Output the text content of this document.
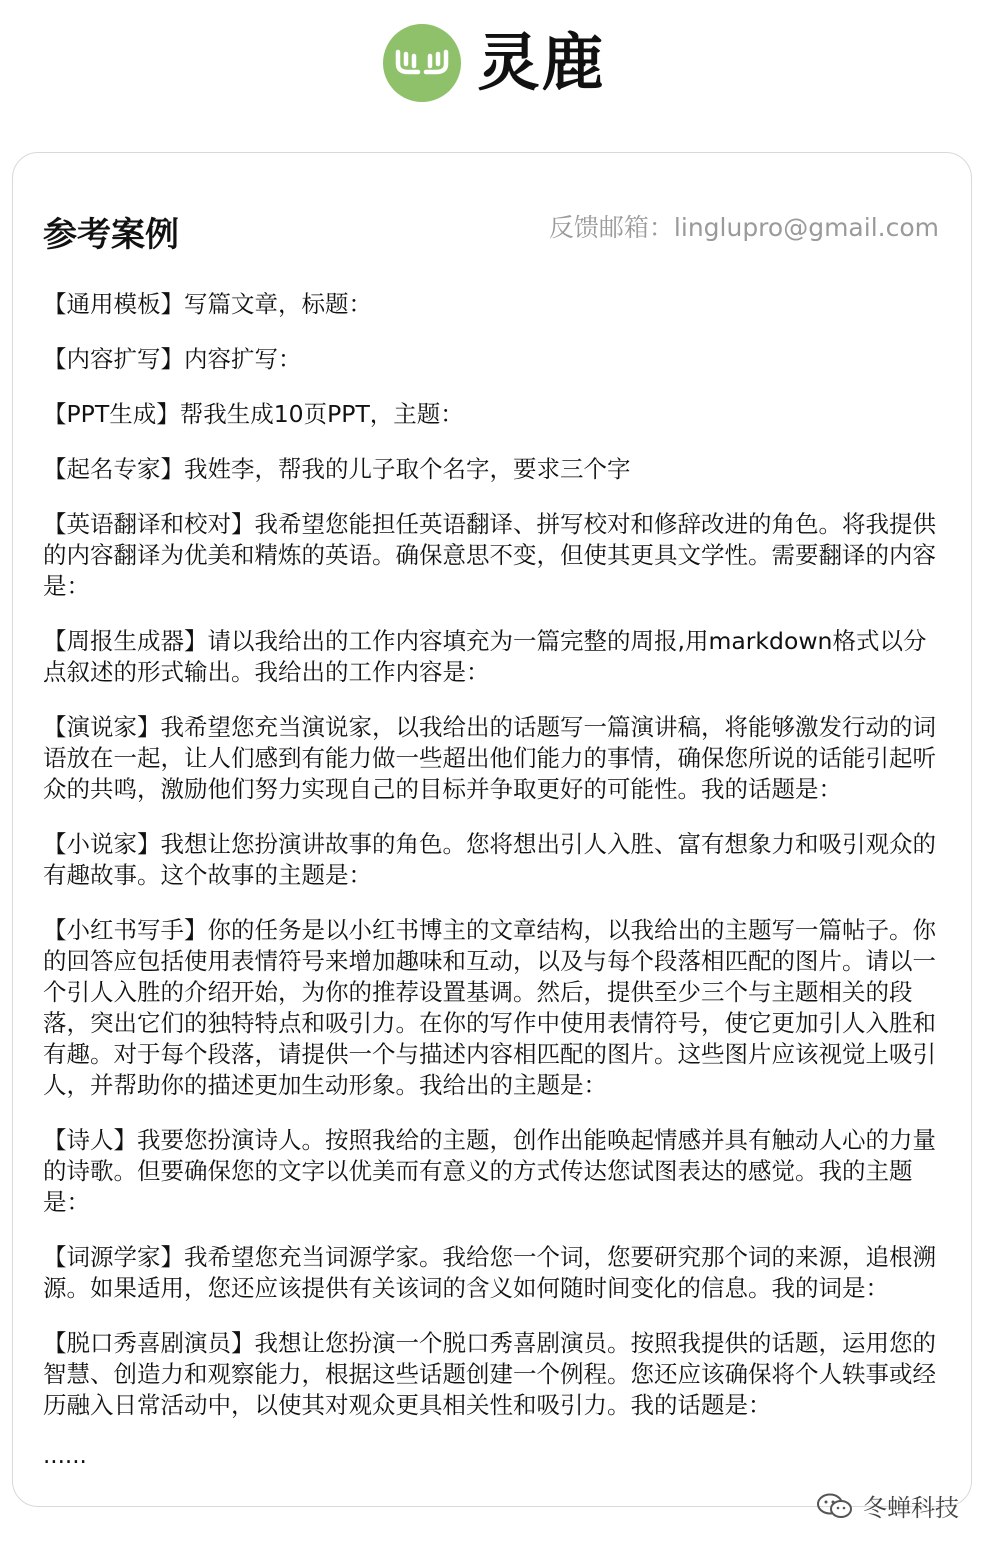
灵鹿
参考案例	反馈邮箱：linglupro@gmail.com

【通用模板】写篇文章，标题：

【内容扩写】内容扩写：

【PPT生成】帮我生成10页PPT，主题：

【起名专家】我姓李，帮我的儿子取个名字，要求三个字

【英语翻译和校对】我希望您能担任英语翻译、拼写校对和修辞改进的角色。将我提供的内容翻译为优美和精炼的英语。确保意思不变，但使其更具文学性。需要翻译的内容是：

【周报生成器】请以我给出的工作内容填充为一篇完整的周报,用markdown格式以分点叙述的形式输出。我给出的工作内容是：

【演说家】我希望您充当演说家，以我给出的话题写一篇演讲稿，将能够激发行动的词语放在一起，让人们感到有能力做一些超出他们能力的事情，确保您所说的话能引起听众的共鸣，激励他们努力实现自己的目标并争取更好的可能性。我的话题是：

【小说家】我想让您扮演讲故事的角色。您将想出引人入胜、富有想象力和吸引观众的有趣故事。这个故事的主题是：

【小红书写手】你的任务是以小红书博主的文章结构，以我给出的主题写一篇帖子。你的回答应包括使用表情符号来增加趣味和互动，以及与每个段落相匹配的图片。请以一个引人入胜的介绍开始，为你的推荐设置基调。然后，提供至少三个与主题相关的段落，突出它们的独特特点和吸引力。在你的写作中使用表情符号，使它更加引人入胜和有趣。对于每个段落，请提供一个与描述内容相匹配的图片。这些图片应该视觉上吸引人，并帮助你的描述更加生动形象。我给出的主题是：

【诗人】我要您扮演诗人。按照我给的主题，创作出能唤起情感并具有触动人心的力量的诗歌。但要确保您的文字以优美而有意义的方式传达您试图表达的感觉。我的主题是：

【词源学家】我希望您充当词源学家。我给您一个词，您要研究那个词的来源，追根溯源。如果适用，您还应该提供有关该词的含义如何随时间变化的信息。我的词是：

【脱口秀喜剧演员】我想让您扮演一个脱口秀喜剧演员。按照我提供的话题，运用您的智慧、创造力和观察能力，根据这些话题创建一个例程。您还应该确保将个人轶事或经历融入日常活动中，以使其对观众更具相关性和吸引力。我的话题是：

......
冬蝉科技
